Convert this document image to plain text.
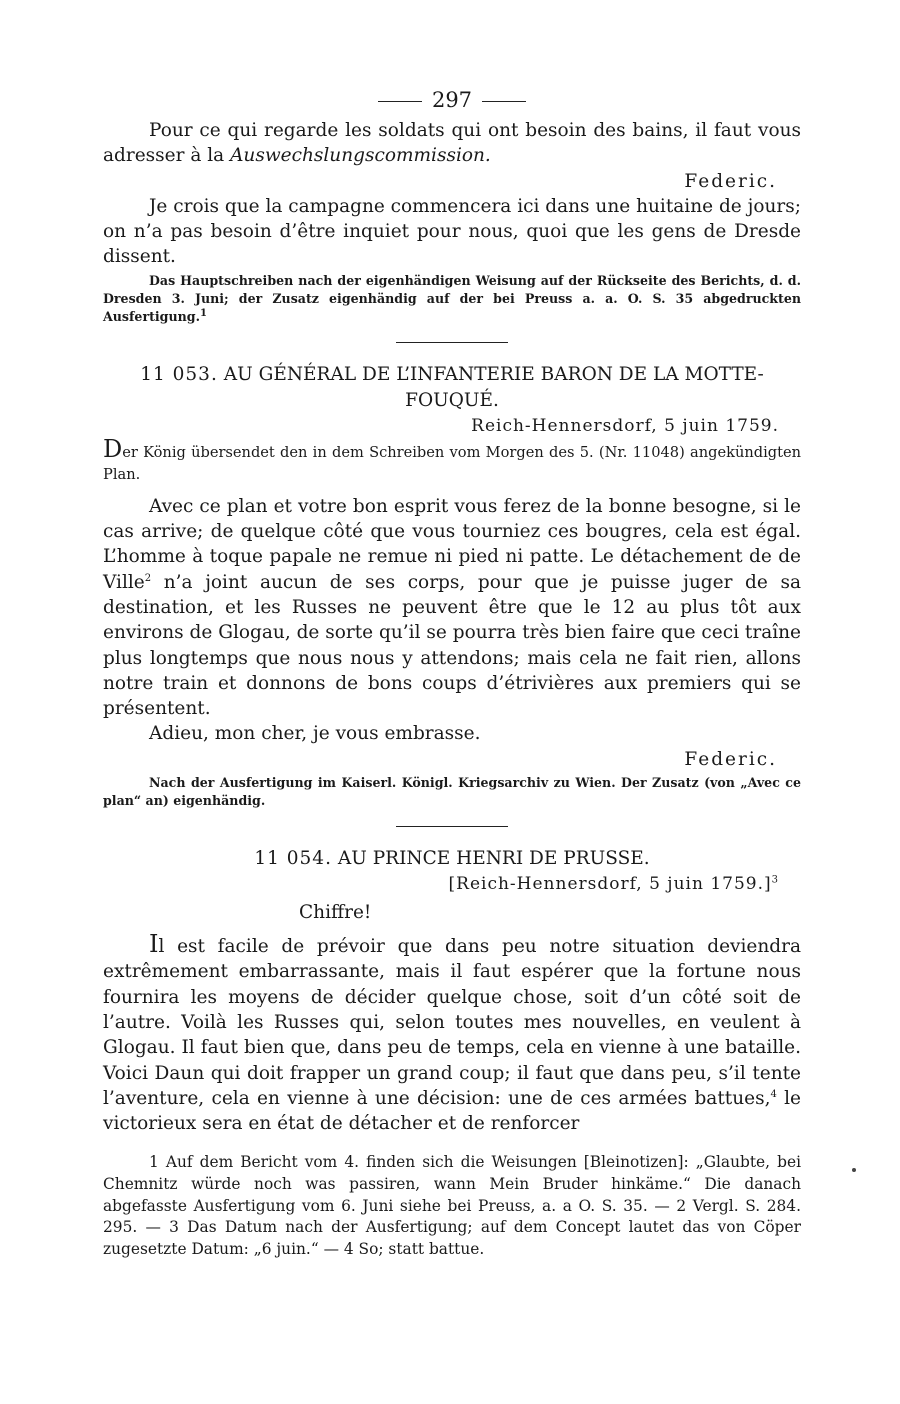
297

Pour ce qui regarde les soldats qui ont besoin des bains, il faut vous adresser à la Auswechslungscommission.

Federic.

Je crois que la campagne commencera ici dans une huitaine de jours; on n’a pas besoin d’être inquiet pour nous, quoi que les gens de Dresde dissent.

Das Hauptschreiben nach der eigenhändigen Weisung auf der Rückseite des Berichts, d. d. Dresden 3. Juni; der Zusatz eigenhändig auf der bei Preuss a. a. O. S. 35 abgedruckten Ausfertigung.$^1$

11 053. AU GÉNÉRAL DE L’INFANTERIE BARON DE LA MOTTE-FOUQUÉ.
Reich-Hennersdorf, 5 juin 1759.

Der König übersendet den in dem Schreiben vom Morgen des 5. (Nr. 11048) angekündigten Plan.

Avec ce plan et votre bon esprit vous ferez de la bonne besogne, si le cas arrive; de quelque côté que vous tourniez ces bougres, cela est égal. L’homme à toque papale ne remue ni pied ni patte. Le détachement de de Ville$^2$ n’a joint aucun de ses corps, pour que je puisse juger de sa destination, et les Russes ne peuvent être que le 12 au plus tôt aux environs de Glogau, de sorte qu’il se pourra très bien faire que ceci traîne plus longtemps que nous nous y attendons; mais cela ne fait rien, allons notre train et donnons de bons coups d’étrivières aux premiers qui se présentent.

Adieu, mon cher, je vous embrasse.

Federic.

Nach der Ausfertigung im Kaiserl. Königl. Kriegsarchiv zu Wien. Der Zusatz (von „Avec ce plan“ an) eigenhändig.

11 054. AU PRINCE HENRI DE PRUSSE.
[Reich-Hennersdorf, 5 juin 1759.]$^3$
Chiffre!

Il est facile de prévoir que dans peu notre situation deviendra extrêmement embarrassante, mais il faut espérer que la fortune nous fournira les moyens de décider quelque chose, soit d’un côté soit de l’autre. Voilà les Russes qui, selon toutes mes nouvelles, en veulent à Glogau. Il faut bien que, dans peu de temps, cela en vienne à une bataille. Voici Daun qui doit frapper un grand coup; il faut que dans peu, s’il tente l’aventure, cela en vienne à une décision: une de ces armées battues,$^4$ le victorieux sera en état de détacher et de renforcer

1 Auf dem Bericht vom 4. finden sich die Weisungen [Bleinotizen]: „Glaubte, bei Chemnitz würde noch was passiren, wann Mein Bruder hinkäme.“ Die danach abgefasste Ausfertigung vom 6. Juni siehe bei Preuss, a. a O. S. 35. — 2 Vergl. S. 284. 295. — 3 Das Datum nach der Ausfertigung; auf dem Concept lautet das von Cöper zugesetzte Datum: „6 juin.“ — 4 So; statt battue.
